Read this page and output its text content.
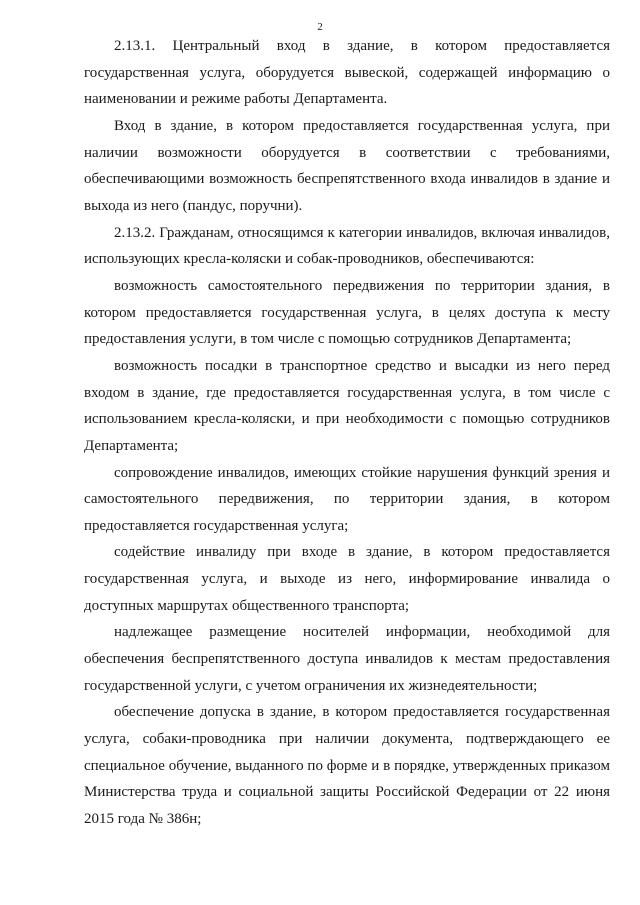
2

2.13.1. Центральный вход в здание, в котором предоставляется государственная услуга, оборудуется вывеской, содержащей информацию о наименовании и режиме работы Департамента.

Вход в здание, в котором предоставляется государственная услуга, при наличии возможности оборудуется в соответствии с требованиями, обеспечивающими возможность беспрепятственного входа инвалидов в здание и выхода из него (пандус, поручни).

2.13.2. Гражданам, относящимся к категории инвалидов, включая инвалидов, использующих кресла-коляски и собак-проводников, обеспечиваются:

возможность самостоятельного передвижения по территории здания, в котором предоставляется государственная услуга, в целях доступа к месту предоставления услуги, в том числе с помощью сотрудников Департамента;

возможность посадки в транспортное средство и высадки из него перед входом в здание, где предоставляется государственная услуга, в том числе с использованием кресла-коляски, и при необходимости с помощью сотрудников Департамента;

сопровождение инвалидов, имеющих стойкие нарушения функций зрения и самостоятельного передвижения, по территории здания, в котором предоставляется государственная услуга;

содействие инвалиду при входе в здание, в котором предоставляется государственная услуга, и выходе из него, информирование инвалида о доступных маршрутах общественного транспорта;

надлежащее размещение носителей информации, необходимой для обеспечения беспрепятственного доступа инвалидов к местам предоставления государственной услуги, с учетом ограничения их жизнедеятельности;

обеспечение допуска в здание, в котором предоставляется государственная услуга, собаки-проводника при наличии документа, подтверждающего ее специальное обучение, выданного по форме и в порядке, утвержденных приказом Министерства труда и социальной защиты Российской Федерации от 22 июня 2015 года № 386н;
